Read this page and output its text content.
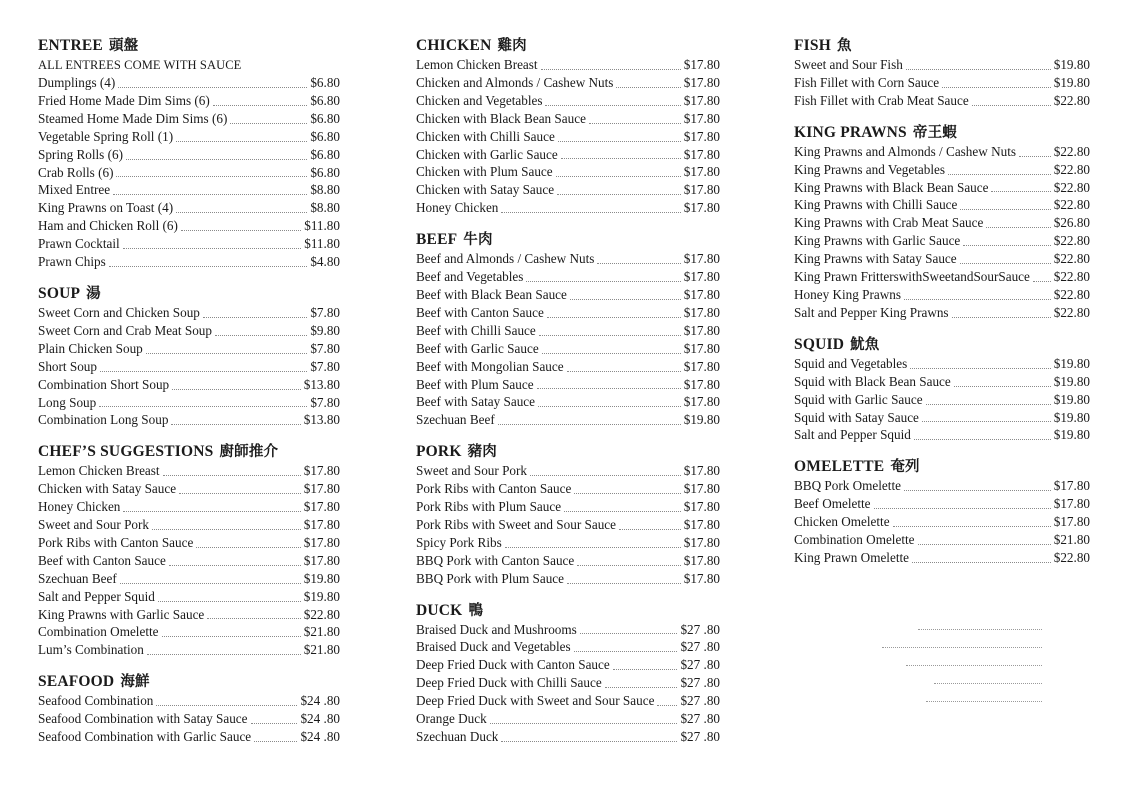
ENTREE 頭盤
ALL ENTREES COME WITH SAUCE
Dumplings (4)	$6.80
Fried Home Made Dim Sims (6)	$6.80
Steamed Home Made Dim Sims (6)	$6.80
Vegetable Spring Roll (1)	$6.80
Spring Rolls (6)	$6.80
Crab Rolls (6)	$6.80
Mixed Entree	$8.80
King Prawns on Toast (4)	$8.80
Ham and Chicken Roll (6)	$11.80
Prawn Cocktail	$11.80
Prawn Chips	$4.80
SOUP 湯
Sweet Corn and Chicken Soup	$7.80
Sweet Corn and Crab Meat Soup	$9.80
Plain Chicken Soup	$7.80
Short Soup	$7.80
Combination Short Soup	$13.80
Long Soup	$7.80
Combination Long Soup	$13.80
CHEF’S SUGGESTIONS 廚師推介
Lemon Chicken Breast	$17.80
Chicken with Satay Sauce	$17.80
Honey Chicken	$17.80
Sweet and Sour Pork	$17.80
Pork Ribs with Canton Sauce	$17.80
Beef with Canton Sauce	$17.80
Szechuan Beef	$19.80
Salt and Pepper Squid	$19.80
King Prawns with Garlic Sauce	$22.80
Combination Omelette	$21.80
Lum’s Combination	$21.80
SEAFOOD 海鮮
Seafood Combination	$24 .80
Seafood Combination with Satay Sauce	$24 .80
Seafood Combination with Garlic Sauce	$24 .80
CHICKEN 雞肉
Lemon Chicken Breast	$17.80
Chicken and Almonds / Cashew Nuts	$17.80
Chicken and Vegetables	$17.80
Chicken with Black Bean Sauce	$17.80
Chicken with Chilli Sauce	$17.80
Chicken with Garlic Sauce	$17.80
Chicken with Plum Sauce	$17.80
Chicken with Satay Sauce	$17.80
Honey Chicken	$17.80
BEEF 牛肉
Beef and Almonds / Cashew Nuts	$17.80
Beef and Vegetables	$17.80
Beef with Black Bean Sauce	$17.80
Beef with Canton Sauce	$17.80
Beef with Chilli Sauce	$17.80
Beef with Garlic Sauce	$17.80
Beef with Mongolian Sauce	$17.80
Beef with Plum Sauce	$17.80
Beef with Satay Sauce	$17.80
Szechuan Beef	$19.80
PORK 豬肉
Sweet and Sour Pork	$17.80
Pork Ribs with Canton Sauce	$17.80
Pork Ribs with Plum Sauce	$17.80
Pork Ribs with Sweet and Sour Sauce	$17.80
Spicy Pork Ribs	$17.80
BBQ Pork with Canton Sauce	$17.80
BBQ Pork with Plum Sauce	$17.80
DUCK 鴨
Braised Duck and Mushrooms	$27 .80
Braised Duck and Vegetables	$27 .80
Deep Fried Duck with Canton Sauce	$27 .80
Deep Fried Duck with Chilli Sauce	$27 .80
Deep Fried Duck with Sweet and Sour Sauce $27 .80
Orange Duck	$27 .80
Szechuan Duck	$27 .80
FISH 魚
Sweet and Sour Fish	$19.80
Fish Fillet with Corn Sauce	$19.80
Fish Fillet with Crab Meat Sauce	$22.80
KING PRAWNS 帝王蝦
King Prawns and Almonds / Cashew Nuts	$22.80
King Prawns and Vegetables	$22.80
King Prawns with Black Bean Sauce	$22.80
King Prawns with Chilli Sauce	$22.80
King Prawns with Crab Meat Sauce	$26.80
King Prawns with Garlic Sauce	$22.80
King Prawns with Satay Sauce	$22.80
King Prawn FritterswithSweetandSourSauce $22.80
Honey King Prawns	$22.80
Salt and Pepper King Prawns	$22.80
SQUID 魷魚
Squid and Vegetables	$19.80
Squid with Black Bean Sauce	$19.80
Squid with Garlic Sauce	$19.80
Squid with Satay Sauce	$19.80
Salt and Pepper Squid	$19.80
OMELETTE 奄列
BBQ Pork Omelette	$17.80
Beef Omelette	$17.80
Chicken Omelette	$17.80
Combination Omelette	$21.80
King Prawn Omelette	$22.80
